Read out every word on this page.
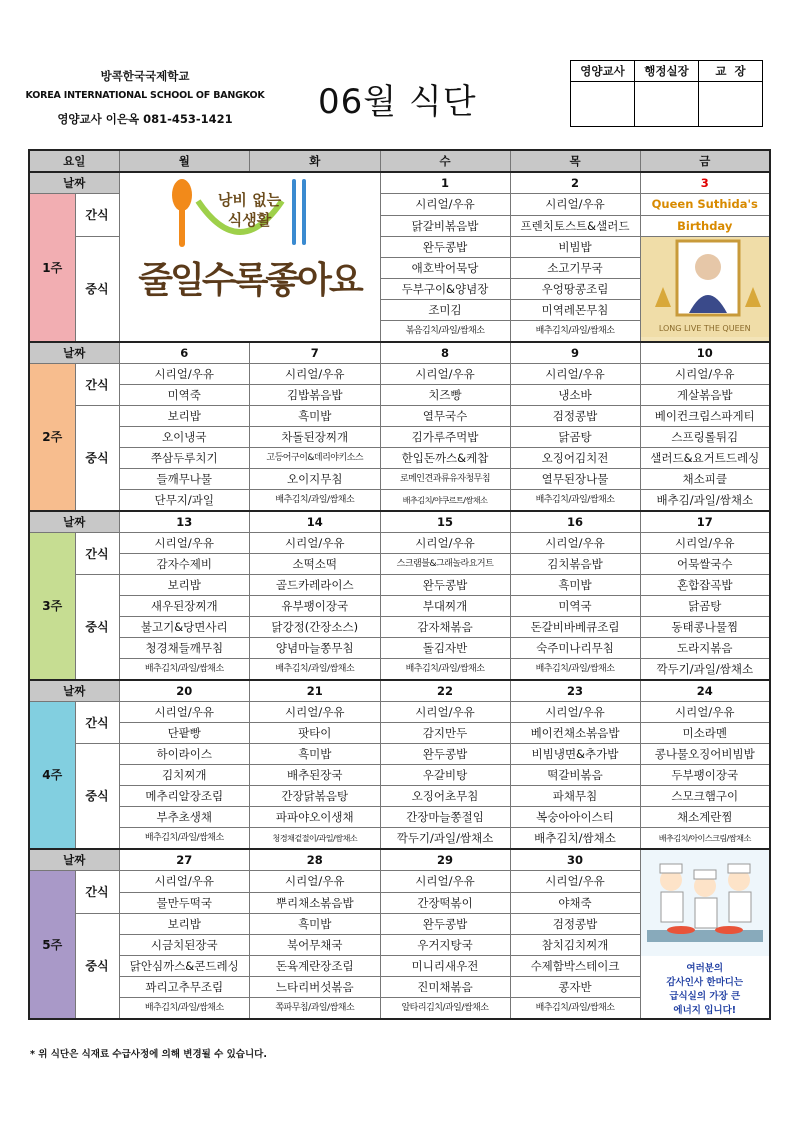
방콕한국국제학교
KOREA INTERNATIONAL SCHOOL OF BANGKOK
영양교사 이은옥 081-453-1421	06월 식단
영양교사	행정실장	교  장

요일		월	화	수	목	금
날짜		낭비 없는
식생활
줄일수록좋아요		1	2	3
1주	간식			시리얼/우유	시리얼/우유	Queen Suthida's
				닭갈비볶음밥	프렌치토스트&샐러드	Birthday
	중식			완두콩밥	비빔밥	LONG LIVE THE QUEEN

				애호박어묵당	소고기무국	
				두부구이&양념장	우엉땅콩조림	
				조미김	미역레몬무침	
				볶음김치/과일/쌈채소	배추김치/과일/쌈채소	
날짜		6	7	8	9	10
2주	간식	시리얼/우유	시리얼/우유	시리얼/우유	시리얼/우유	시리얼/우유
		미역죽	김밥볶음밥	치즈빵	냉소바	게살볶음밥
	중식	보리밥	흑미밥	열무국수	검정콩밥	베이컨크림스파게티
		오이냉국	차돌된장찌개	김가루주먹밥	닭곰탕	스프링롤튀김
		쭈삼두루치기	고등어구이&데리야키소스	한입돈까스&케찹	오징어김치전	샐러드&요거트드레싱
		들깨무나물	오이지무침	로메인견과류유자청무침	열무된장나물	채소피클
		단무지/과일	배추김치/과일/쌈채소	배추김치/야쿠르트/쌈채소	배추김치/과일/쌈채소	배추김/과일/쌈채소
날짜		13	14	15	16	17
3주	간식	시리얼/우유	시리얼/우유	시리얼/우유	시리얼/우유	시리얼/우유
		감자수제비	소떡소떡	스크램블&그래놀라요거트	김치볶음밥	어묵쌀국수
	중식	보리밥	골드카레라이스	완두콩밥	흑미밥	혼합잡곡밥
		새우된장찌개	유부팽이장국	부대찌개	미역국	닭곰탕
		불고기&당면사리	닭강정(간장소스)	감자채볶음	돈갈비바베큐조림	동태콩나물찜
		청경채들깨무침	양념마늘쫑무침	돌김자반	숙주미나리무침	도라지볶음
		배추김치/과일/쌈채소	배추김치/과일/쌈채소	배추김치/과일/쌈채소	배추김치/과일/쌈채소	깍두기/과일/쌈채소
날짜		20	21	22	23	24
4주	간식	시리얼/우유	시리얼/우유	시리얼/우유	시리얼/우유	시리얼/우유
		단팥빵	팟타이	감지만두	베이컨채소볶음밥	미소라멘
	중식	하이라이스	흑미밥	완두콩밥	비빔냉면&추가밥	콩나물오징어비빔밥
		김치찌개	배추된장국	우갈비탕	떡갈비볶음	두부팽이장국
		메추리알장조림	간장닭볶음탕	오징어초무침	파채무침	스모크햄구이
		부추초생채	파파야오이생채	간장마늘쫑절임	복숭아아이스티	채소계란찜
		배추김치/과일/쌈채소	청경채겉절이/과일/쌈채소	깍두기/과일/쌈채소	배추김치/쌈채소	배추김치/아이스크림/쌈채소
날짜		27	28	29	30	여러분의
감사인사 한마디는
급식실의 가장 큰
에너지 입니다!

5주	간식	시리얼/우유	시리얼/우유	시리얼/우유	시리얼/우유	
		물만두떡국	뿌리채소볶음밥	간장떡볶이	야채죽	
	중식	보리밥	흑미밥	완두콩밥	검정콩밥	
		시금치된장국	북어무채국	우거지탕국	참치김치찌개	
		닭안심까스&콘드레싱	돈육계란장조림	미니리새우전	수제함박스테이크	
		꽈리고추무조림	느타리버섯볶음	진미채볶음	콩자반	
		배추김치/과일/쌈채소	쪽파무침/과일/쌈채소	알타리김치/과일/쌈채소	배추김치/과일/쌈채소	
* 위 식단은 식재료 수급사정에 의해 변경될 수 있습니다.
